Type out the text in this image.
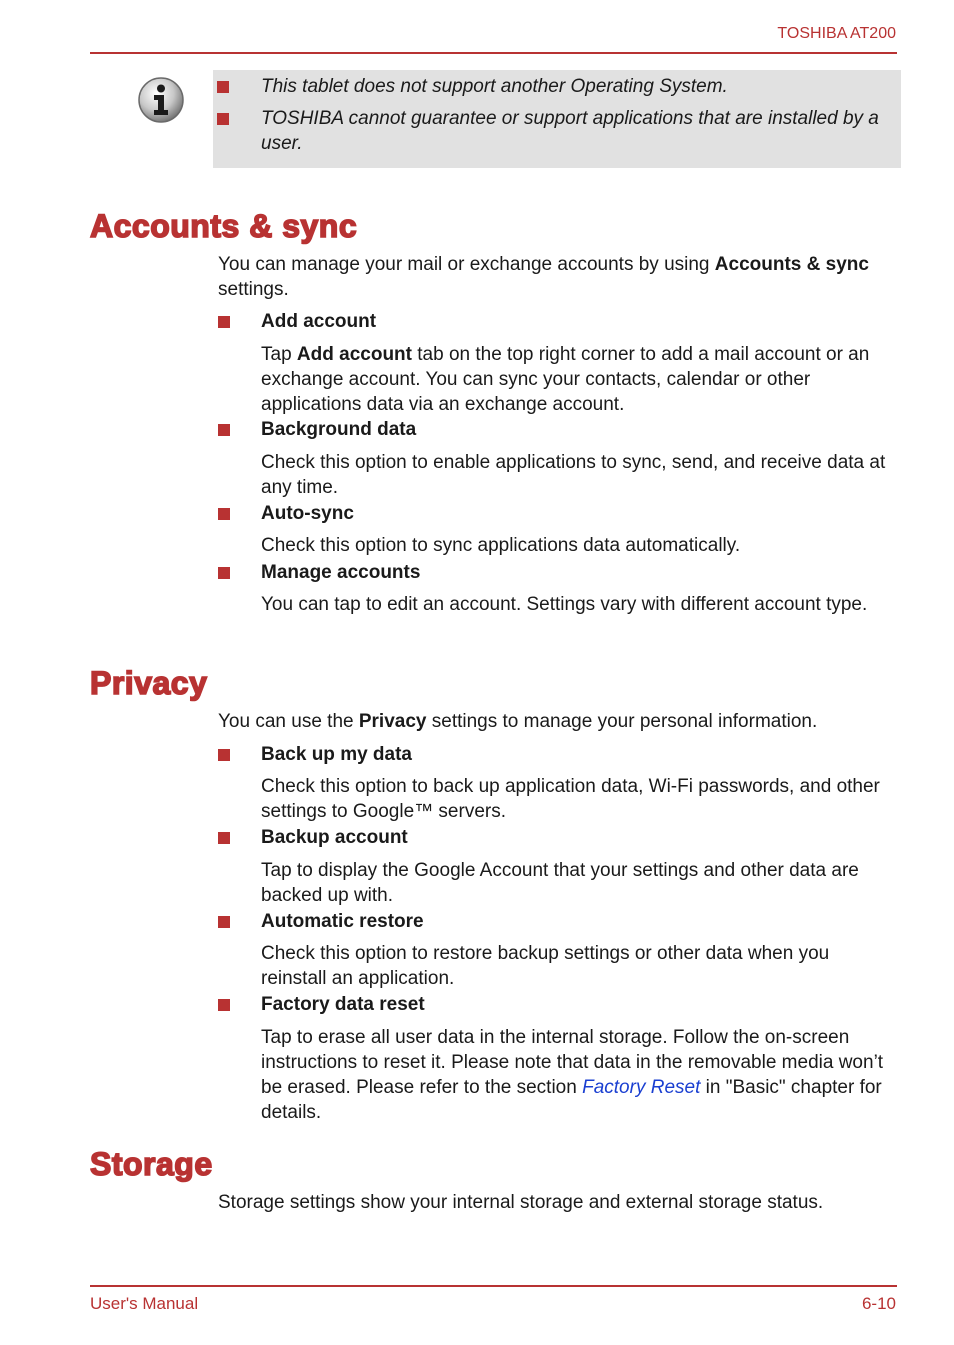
TOSHIBA AT200
This tablet does not support another Operating System.
TOSHIBA cannot guarantee or support applications that are installed by a user.
Accounts & sync
You can manage your mail or exchange accounts by using Accounts & sync settings.
Add account
Tap Add account tab on the top right corner to add a mail account or an exchange account. You can sync your contacts, calendar or other applications data via an exchange account.
Background data
Check this option to enable applications to sync, send, and receive data at any time.
Auto-sync
Check this option to sync applications data automatically.
Manage accounts
You can tap to edit an account. Settings vary with different account type.
Privacy
You can use the Privacy settings to manage your personal information.
Back up my data
Check this option to back up application data, Wi-Fi passwords, and other settings to Google™ servers.
Backup account
Tap to display the Google Account that your settings and other data are backed up with.
Automatic restore
Check this option to restore backup settings or other data when you reinstall an application.
Factory data reset
Tap to erase all user data in the internal storage. Follow the on-screen instructions to reset it. Please note that data in the removable media won’t be erased. Please refer to the section Factory Reset in "Basic" chapter for details.
Storage
Storage settings show your internal storage and external storage status.
User's Manual	6-10
